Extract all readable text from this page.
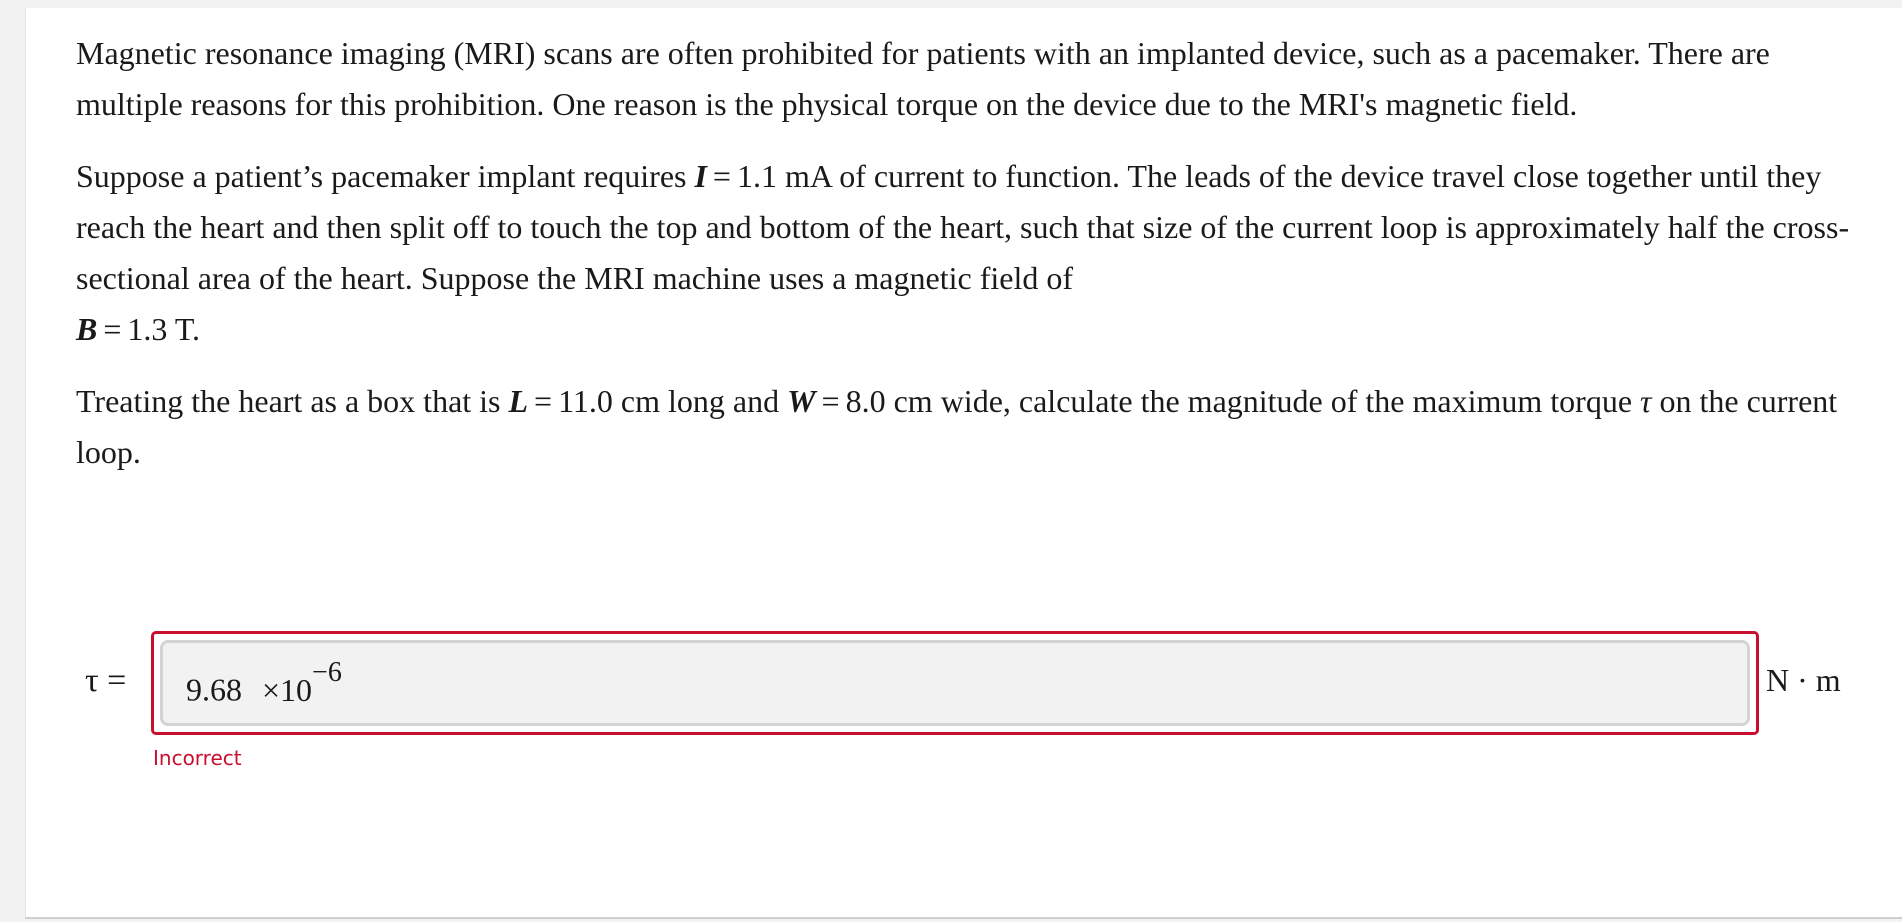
Magnetic resonance imaging (MRI) scans are often prohibited for patients with an implanted device, such as a pacemaker. There are multiple reasons for this prohibition. One reason is the physical torque on the device due to the MRI's magnetic field.

Suppose a patient’s pacemaker implant requires I = 1.1 mA of current to function. The leads of the device travel close together until they reach the heart and then split off to touch the top and bottom of the heart, such that size of the current loop is approximately half the cross-sectional area of the heart. Suppose the MRI machine uses a magnetic field of
B = 1.3 T.

Treating the heart as a box that is L = 11.0 cm long and W = 8.0 cm wide, calculate the magnitude of the maximum torque τ on the current loop.

$\tau = 9.68 \times 10^{-6}$	N · m
Incorrect
